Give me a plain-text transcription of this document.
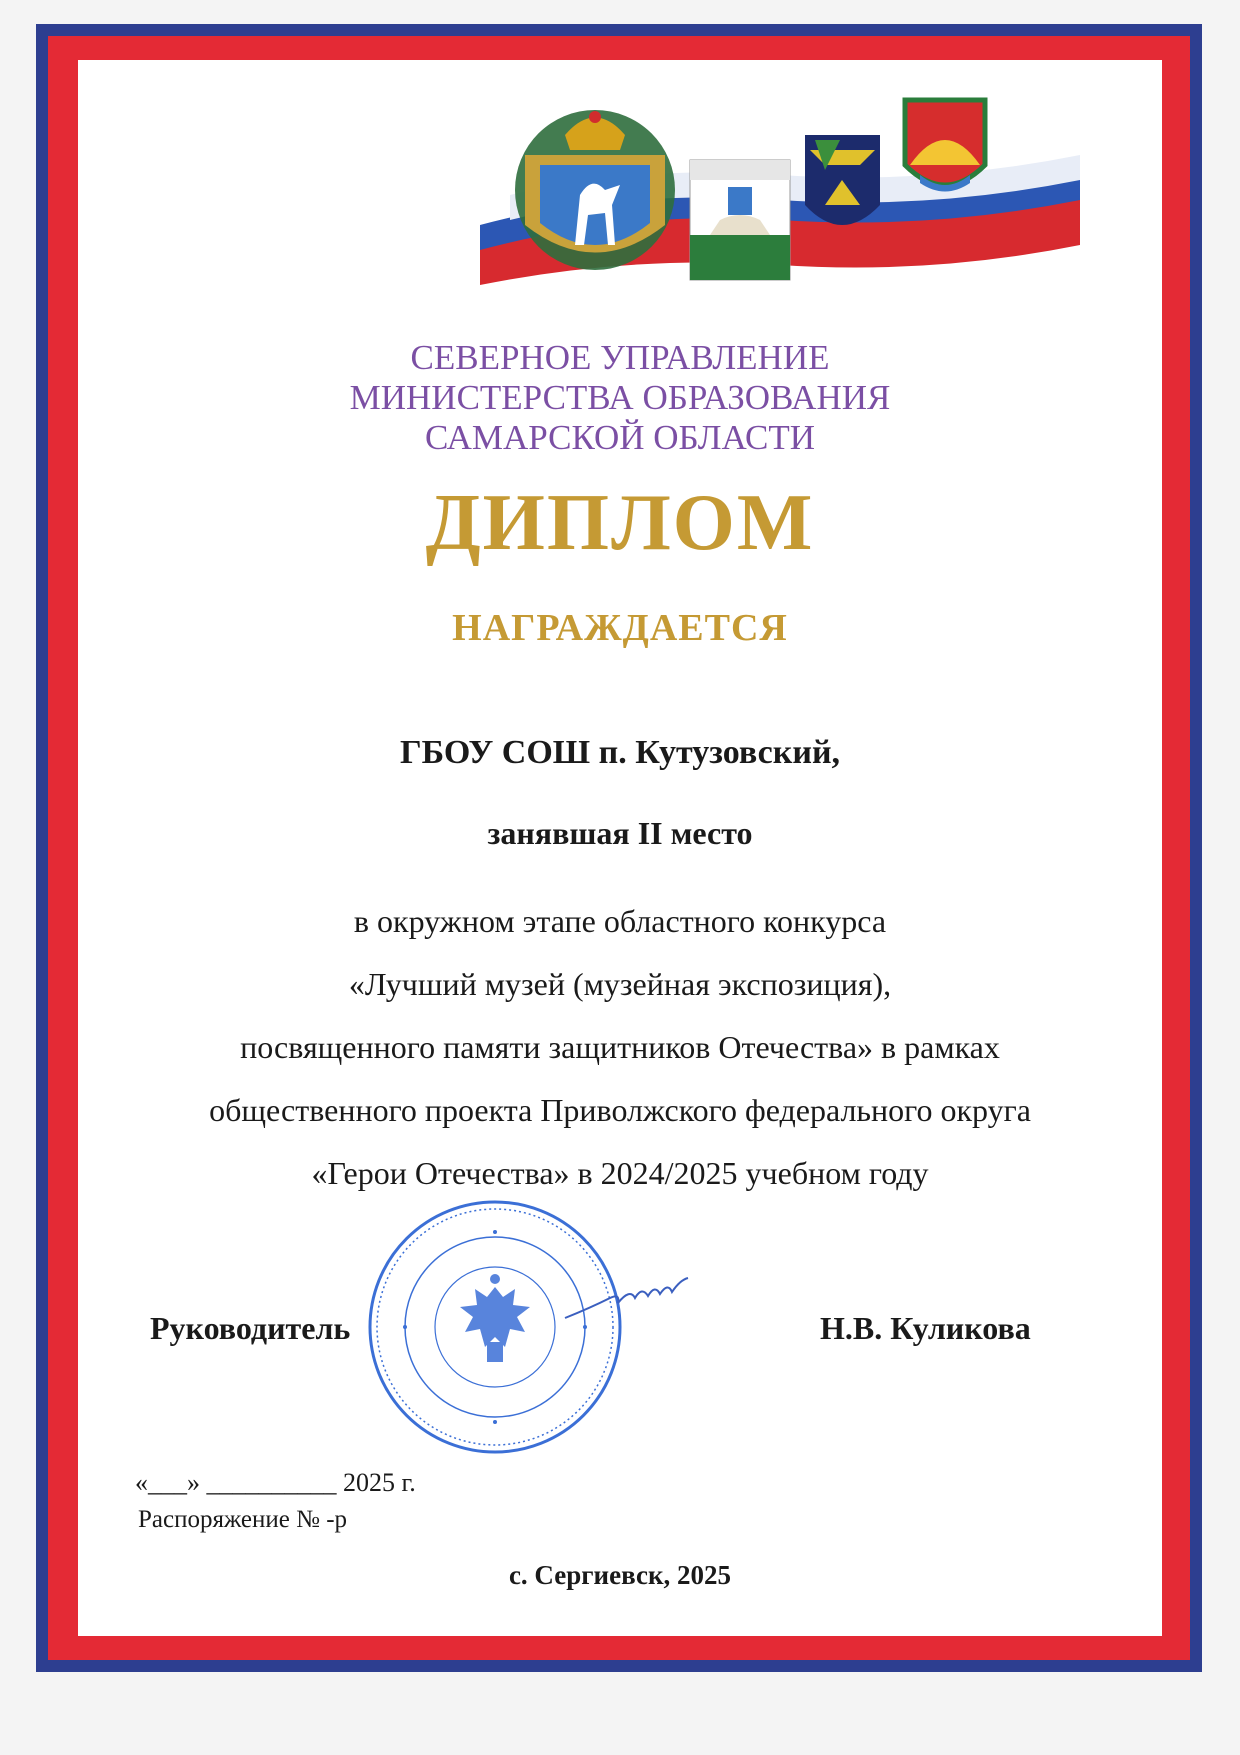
СЕВЕРНОЕ УПРАВЛЕНИЕ
МИНИСТЕРСТВА ОБРАЗОВАНИЯ
САМАРСКОЙ ОБЛАСТИ
ДИПЛОМ
НАГРАЖДАЕТСЯ
ГБОУ СОШ п. Кутузовский,
занявшая II место
в окружном этапе областного конкурса
«Лучший музей (музейная экспозиция),
посвященного памяти защитников Отечества» в рамках
общественного проекта Приволжского федерального округа
«Герои Отечества» в 2024/2025 учебном году
Руководитель	Н.В. Куликова
«___» __________ 2025 г.
Распоряжение № -р
с. Сергиевск, 2025
